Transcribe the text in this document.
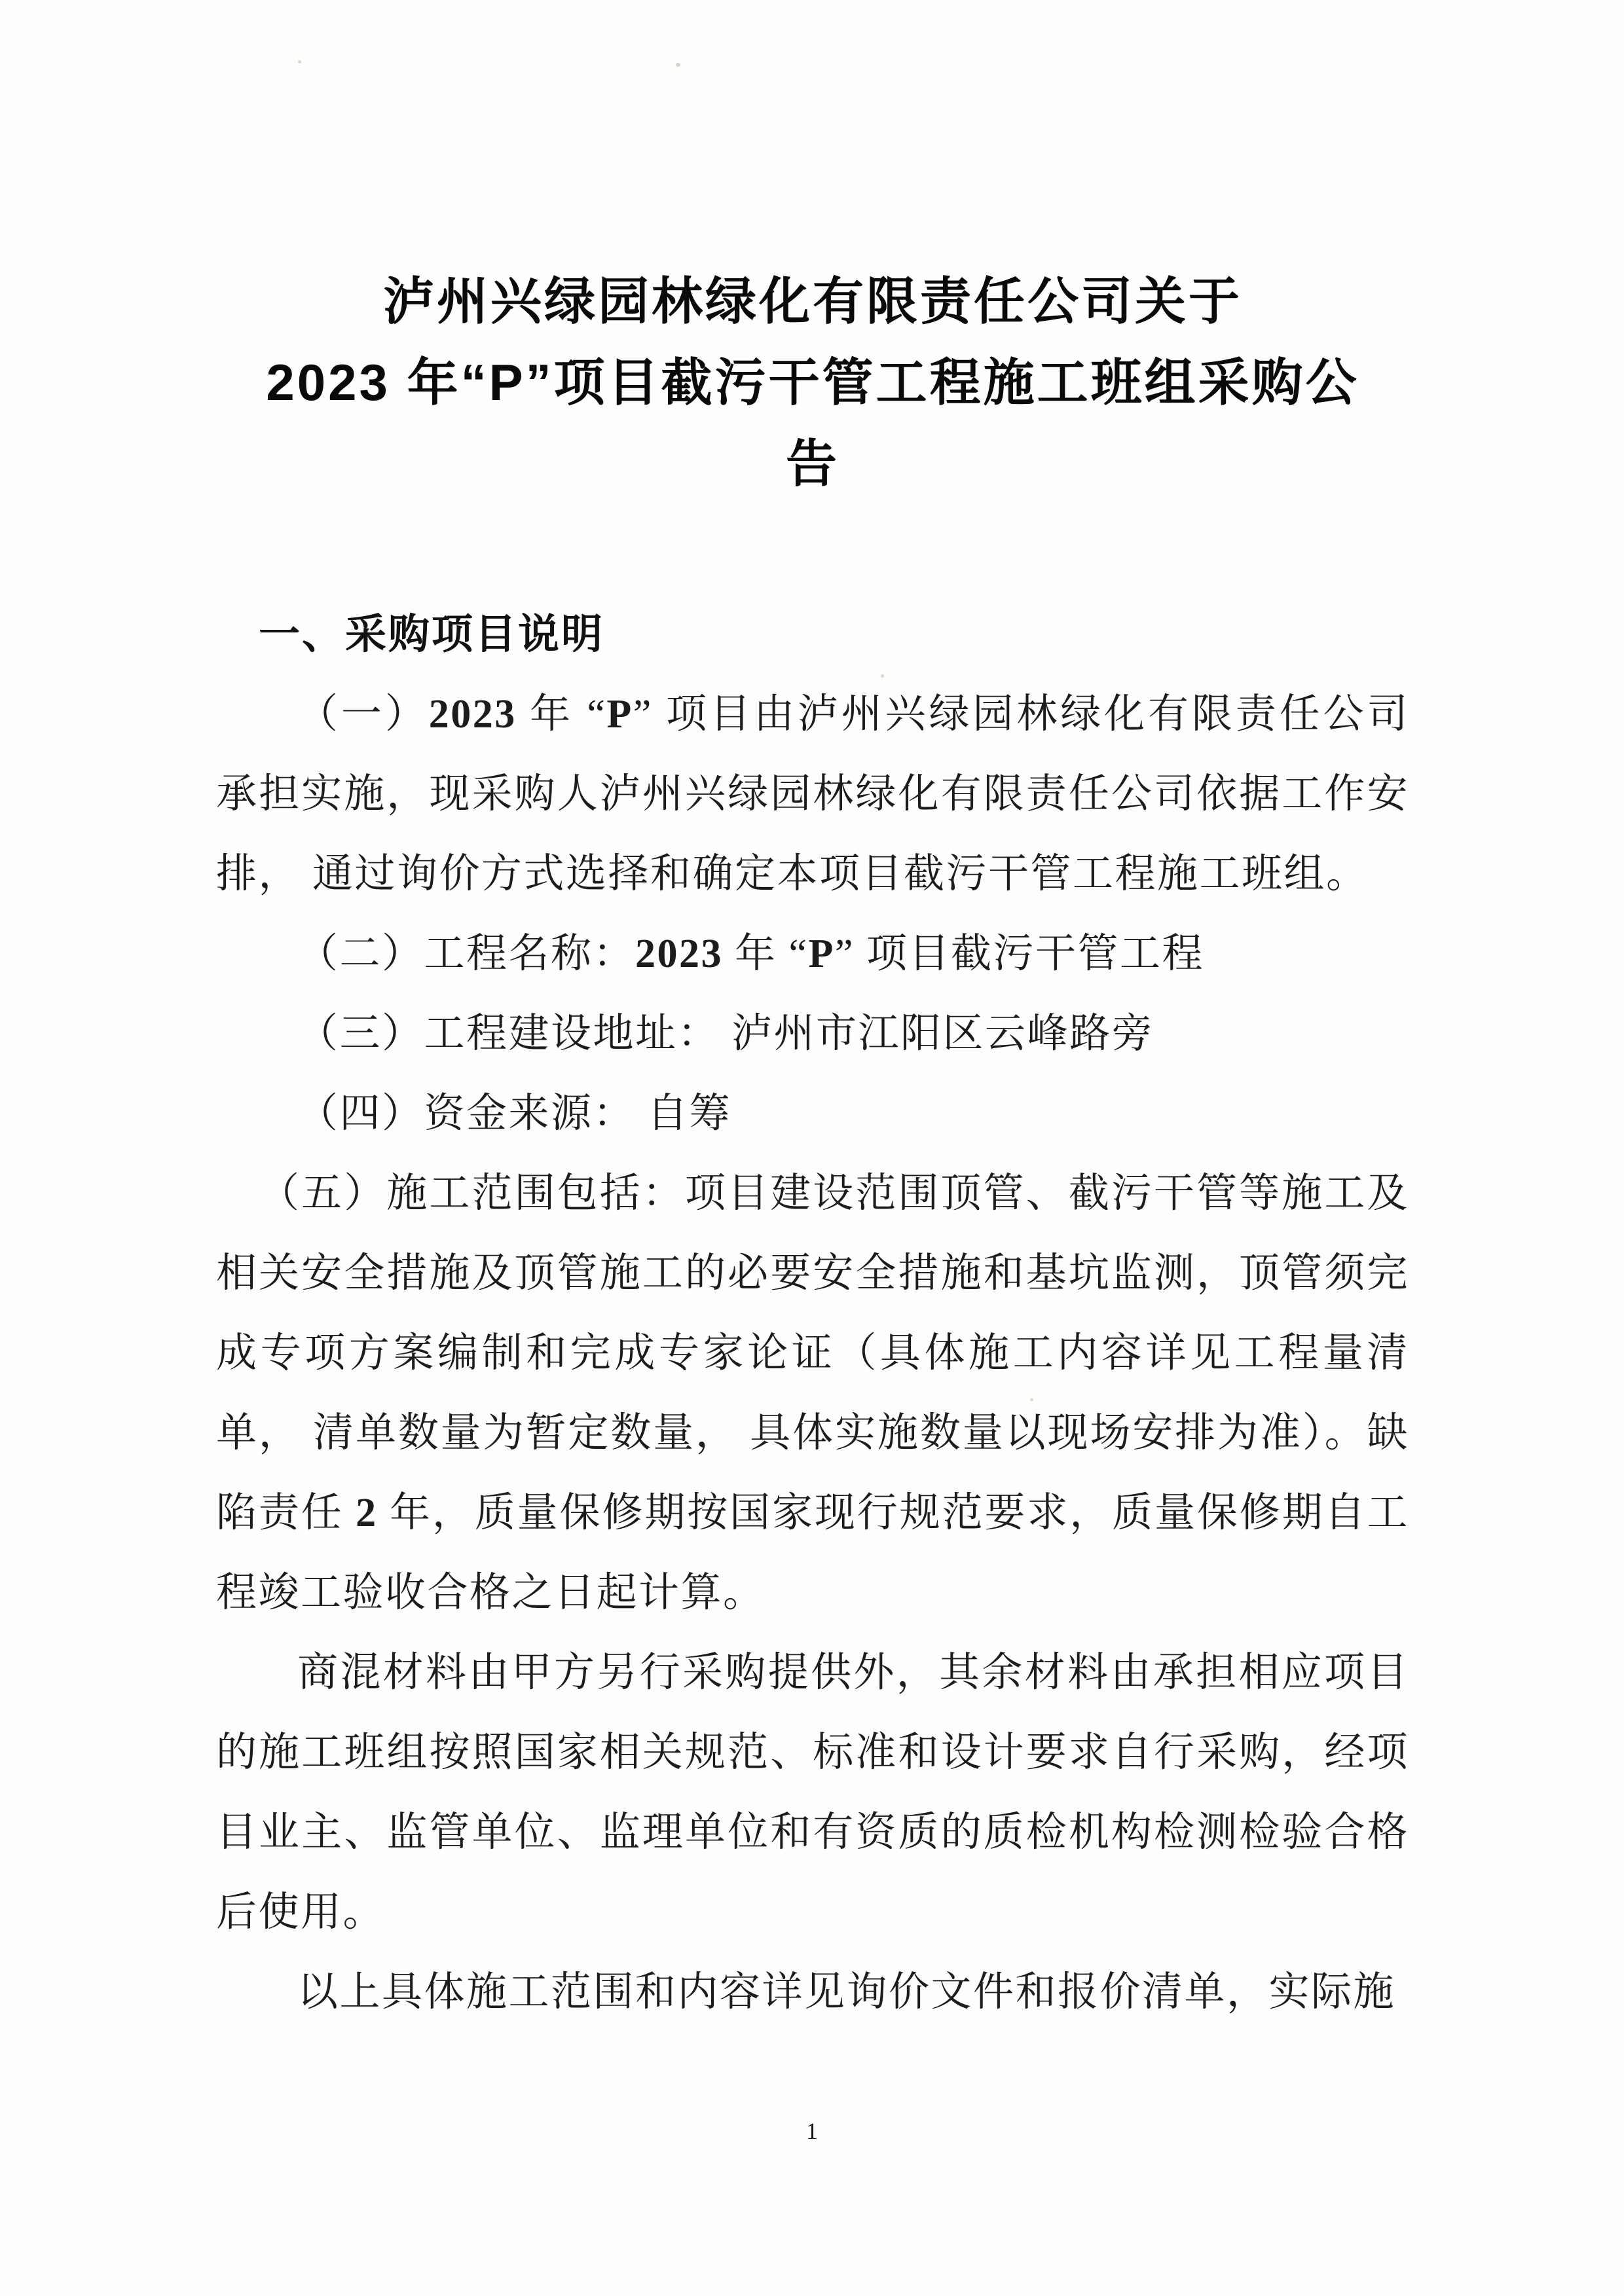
泸州兴绿园林绿化有限责任公司关于
2023 年“P”项目截污干管工程施工班组采购公
告
一、采购项目说明

（一）2023 年 “P” 项目由泸州兴绿园林绿化有限责任公司承担实施，现采购人泸州兴绿园林绿化有限责任公司依据工作安排， 通过询价方式选择和确定本项目截污干管工程施工班组。

（二）工程名称：2023 年 “P” 项目截污干管工程

（三）工程建设地址： 泸州市江阳区云峰路旁

（四）资金来源： 自筹

（五）施工范围包括：项目建设范围顶管、截污干管等施工及相关安全措施及顶管施工的必要安全措施和基坑监测，顶管须完成专项方案编制和完成专家论证（具体施工内容详见工程量清单， 清单数量为暂定数量， 具体实施数量以现场安排为准）。缺陷责任 2 年，质量保修期按国家现行规范要求，质量保修期自工程竣工验收合格之日起计算。

商混材料由甲方另行采购提供外，其余材料由承担相应项目的施工班组按照国家相关规范、标准和设计要求自行采购，经项目业主、监管单位、监理单位和有资质的质检机构检测检验合格后使用。

以上具体施工范围和内容详见询价文件和报价清单，实际施

1
